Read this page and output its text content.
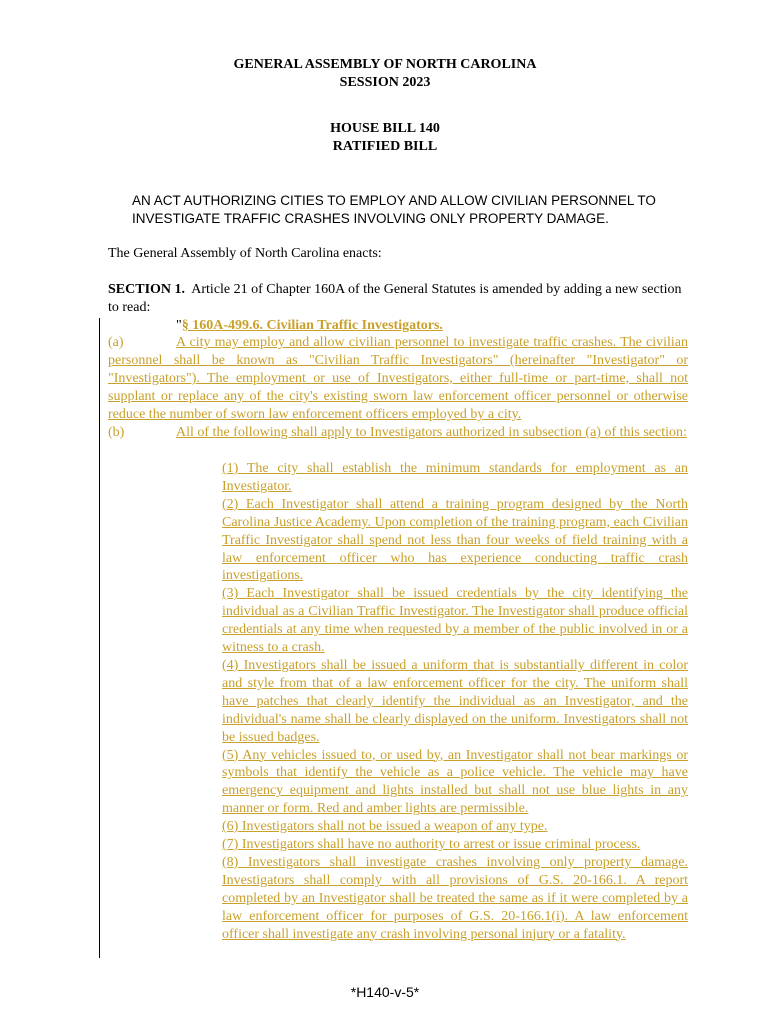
GENERAL ASSEMBLY OF NORTH CAROLINA
SESSION 2023
HOUSE BILL 140
RATIFIED BILL
AN ACT AUTHORIZING CITIES TO EMPLOY AND ALLOW CIVILIAN PERSONNEL TO INVESTIGATE TRAFFIC CRASHES INVOLVING ONLY PROPERTY DAMAGE.
The General Assembly of North Carolina enacts:
SECTION 1. Article 21 of Chapter 160A of the General Statutes is amended by adding a new section to read:
"§ 160A-499.6. Civilian Traffic Investigators.
(a)	A city may employ and allow civilian personnel to investigate traffic crashes. The civilian personnel shall be known as "Civilian Traffic Investigators" (hereinafter "Investigator" or "Investigators"). The employment or use of Investigators, either full-time or part-time, shall not supplant or replace any of the city's existing sworn law enforcement officer personnel or otherwise reduce the number of sworn law enforcement officers employed by a city.
(b)	All of the following shall apply to Investigators authorized in subsection (a) of this section:
(1) The city shall establish the minimum standards for employment as an Investigator.
(2) Each Investigator shall attend a training program designed by the North Carolina Justice Academy. Upon completion of the training program, each Civilian Traffic Investigator shall spend not less than four weeks of field training with a law enforcement officer who has experience conducting traffic crash investigations.
(3) Each Investigator shall be issued credentials by the city identifying the individual as a Civilian Traffic Investigator. The Investigator shall produce official credentials at any time when requested by a member of the public involved in or a witness to a crash.
(4) Investigators shall be issued a uniform that is substantially different in color and style from that of a law enforcement officer for the city. The uniform shall have patches that clearly identify the individual as an Investigator, and the individual's name shall be clearly displayed on the uniform. Investigators shall not be issued badges.
(5) Any vehicles issued to, or used by, an Investigator shall not bear markings or symbols that identify the vehicle as a police vehicle. The vehicle may have emergency equipment and lights installed but shall not use blue lights in any manner or form. Red and amber lights are permissible.
(6) Investigators shall not be issued a weapon of any type.
(7) Investigators shall have no authority to arrest or issue criminal process.
(8) Investigators shall investigate crashes involving only property damage. Investigators shall comply with all provisions of G.S. 20-166.1. A report completed by an Investigator shall be treated the same as if it were completed by a law enforcement officer for purposes of G.S. 20-166.1(i). A law enforcement officer shall investigate any crash involving personal injury or a fatality.
*H140-v-5*
